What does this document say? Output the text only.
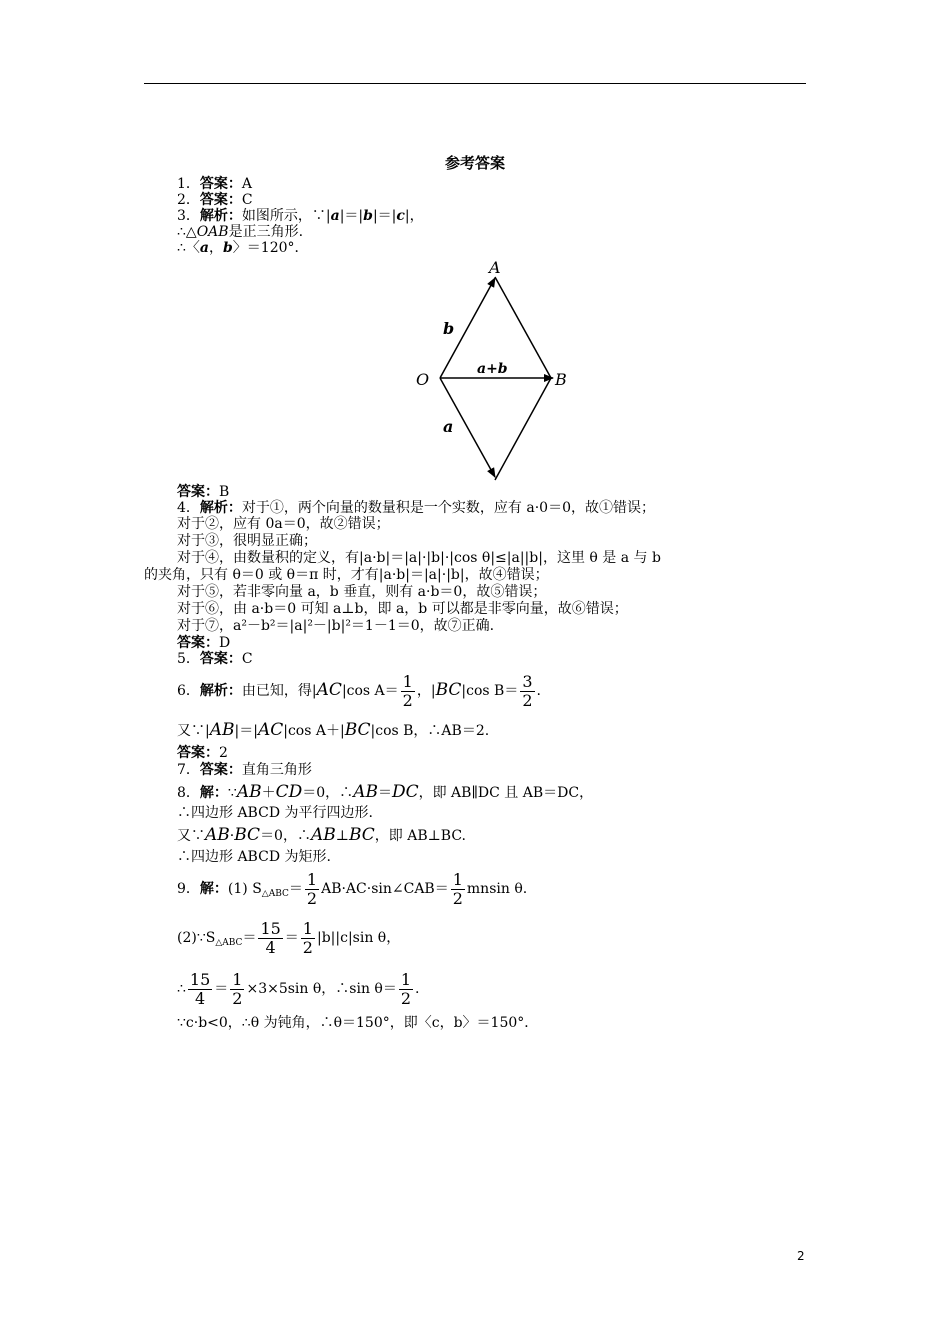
参考答案
1．答案：A
2．答案：C
3．解析：如图所示，∵|a|＝|b|＝|c|，
∴△OAB是正三角形.
∴〈a，b〉＝120°．
A
B
O
b
a+b
a
答案：B
4．解析：对于①，两个向量的数量积是一个实数，应有 a·0＝0，故①错误；
对于②，应有 0a＝0，故②错误；
对于③，很明显正确；
对于④，由数量积的定义，有|a·b|＝|a|·|b|·|cos θ|≤|a||b|，这里 θ 是 a 与 b
的夹角，只有 θ＝0 或 θ＝π 时，才有|a·b|＝|a|·|b|，故④错误；
对于⑤，若非零向量 a，b 垂直，则有 a·b＝0，故⑤错误；
对于⑥，由 a·b＝0 可知 a⊥b，即 a，b 可以都是非零向量，故⑥错误；
对于⑦，a²－b²＝|a|²－|b|²＝1－1＝0，故⑦正确.
答案：D
5．答案：C
6．解析：由已知，得|AC|cos $A= \frac{1}{2}$ ，|BC|cos $B= \frac{3}{2}$ .
又∵|AB|＝|AC|cos A＋|BC|cos B，∴AB＝2.
答案：2
7．答案：直角三角形
8．解：∵AB＋CD＝0，∴AB＝DC，即 AB∥DC 且 AB＝DC，
∴四边形 ABCD 为平行四边形.
又∵AB·BC＝0，∴AB⊥BC，即 AB⊥BC.
∴四边形 ABCD 为矩形.
9．解：(1) $S_{\triangle ABC}= \frac{1}{2}$ AB·AC·sin∠CAB＝ $\frac{1}{2}$ mnsin θ.
$(2)\because S_{\triangle ABC}= \frac{15}{4} = \frac{1}{2} |b||c|\sin$ θ，
∴ $\frac{15}{4} = \frac{1}{2} \times 3\times 5\sin$ θ，∴sin $\theta= \frac{1}{2}$ .
∵c·b<0，∴θ 为钝角，∴θ＝150°，即〈c，b〉＝150°．
2
